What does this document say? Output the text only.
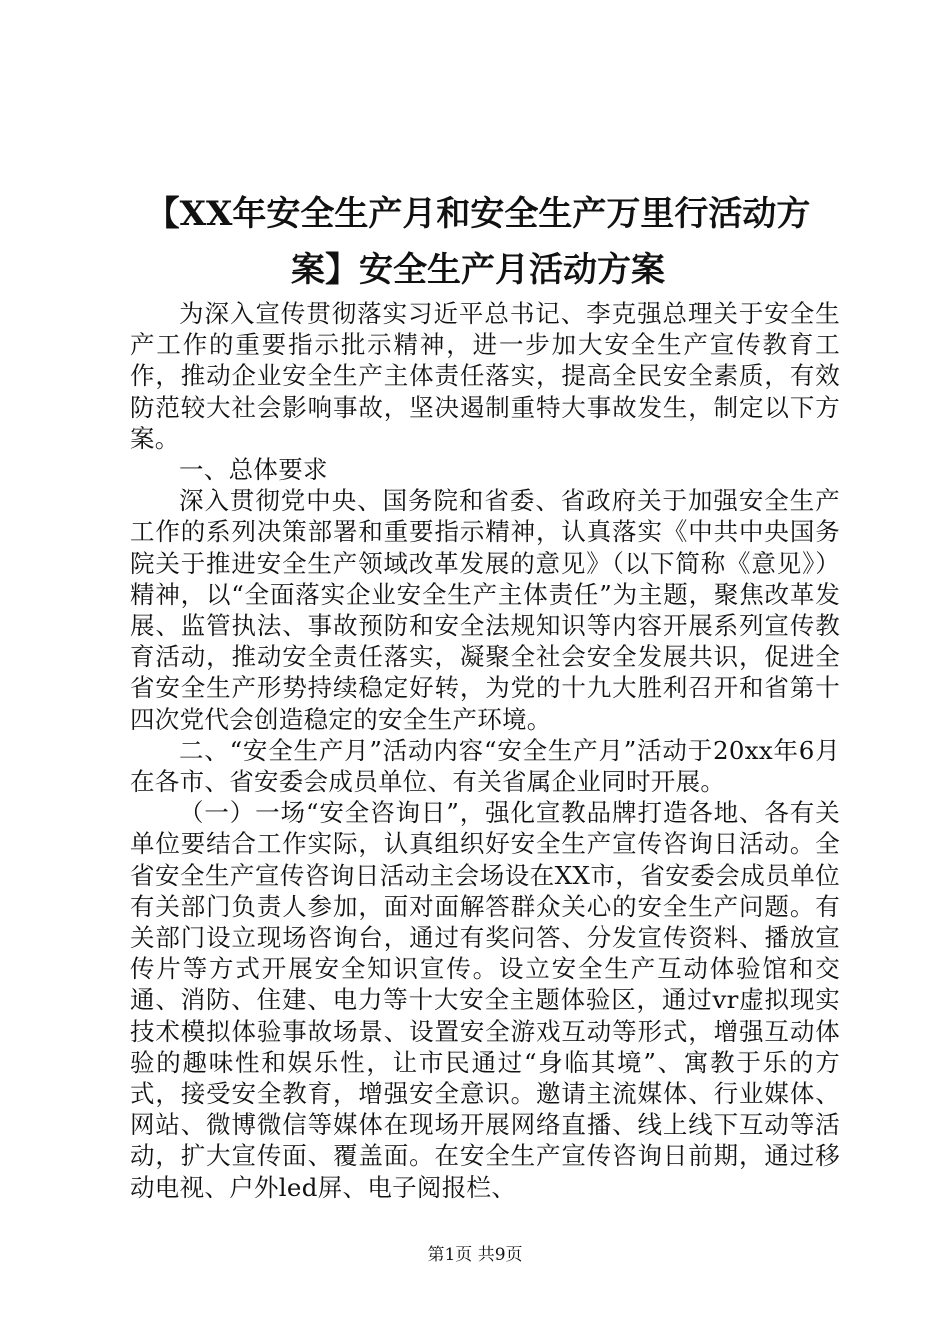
【XX年安全生产月和安全生产万里行活动方案】安全生产月活动方案

为深入宣传贯彻落实习近平总书记、李克强总理关于安全生产工作的重要指示批示精神，进一步加大安全生产宣传教育工作，推动企业安全生产主体责任落实，提高全民安全素质，有效防范较大社会影响事故，坚决遏制重特大事故发生，制定以下方案。

一、总体要求

深入贯彻党中央、国务院和省委、省政府关于加强安全生产工作的系列决策部署和重要指示精神，认真落实《中共中央国务院关于推进安全生产领域改革发展的意见》（以下简称《意见》）精神，以“全面落实企业安全生产主体责任”为主题，聚焦改革发展、监管执法、事故预防和安全法规知识等内容开展系列宣传教育活动，推动安全责任落实，凝聚全社会安全发展共识，促进全省安全生产形势持续稳定好转，为党的十九大胜利召开和省第十四次党代会创造稳定的安全生产环境。

二、“安全生产月”活动内容“安全生产月”活动于20xx年6月在各市、省安委会成员单位、有关省属企业同时开展。

（一）一场“安全咨询日”，强化宣教品牌打造各地、各有关单位要结合工作实际，认真组织好安全生产宣传咨询日活动。全省安全生产宣传咨询日活动主会场设在XX市，省安委会成员单位有关部门负责人参加，面对面解答群众关心的安全生产问题。有关部门设立现场咨询台，通过有奖问答、分发宣传资料、播放宣传片等方式开展安全知识宣传。设立安全生产互动体验馆和交通、消防、住建、电力等十大安全主题体验区，通过vr虚拟现实技术模拟体验事故场景、设置安全游戏互动等形式，增强互动体验的趣味性和娱乐性，让市民通过“身临其境”、寓教于乐的方式，接受安全教育，增强安全意识。邀请主流媒体、行业媒体、网站、微博微信等媒体在现场开展网络直播、线上线下互动等活动，扩大宣传面、覆盖面。在安全生产宣传咨询日前期，通过移动电视、户外led屏、电子阅报栏、

第1页 共9页
